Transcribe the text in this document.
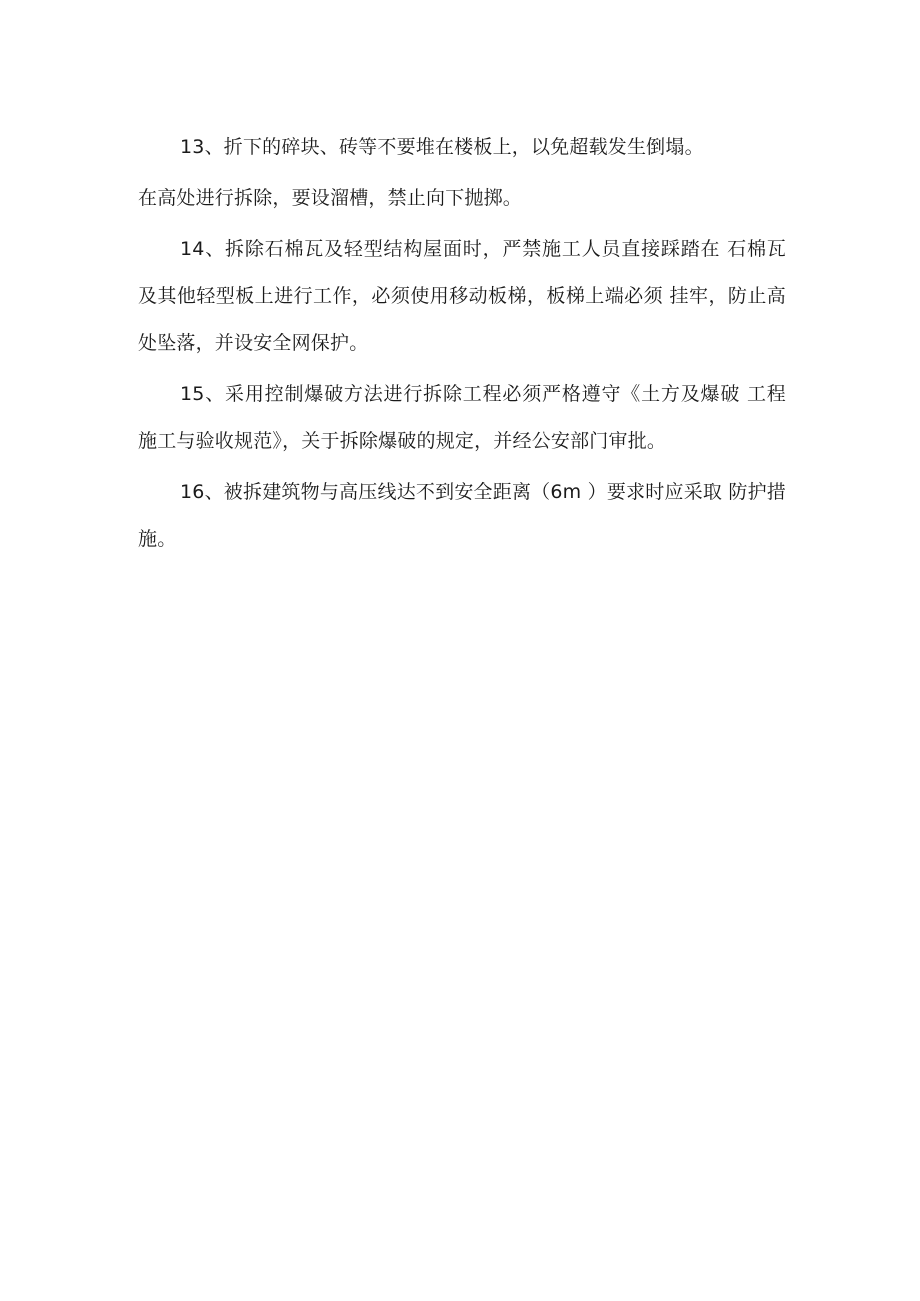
13、折下的碎块、砖等不要堆在楼板上，以免超载发生倒塌。

在高处进行拆除，要设溜槽，禁止向下抛掷。

14、拆除石棉瓦及轻型结构屋面时，严禁施工人员直接踩踏在 石棉瓦及其他轻型板上进行工作，必须使用移动板梯，板梯上端必须 挂牢，防止高处坠落，并设安全网保护。

15、采用控制爆破方法进行拆除工程必须严格遵守《土方及爆破 工程施工与验收规范》，关于拆除爆破的规定，并经公安部门审批。

16、被拆建筑物与高压线达不到安全距离（6m ）要求时应采取 防护措施。
